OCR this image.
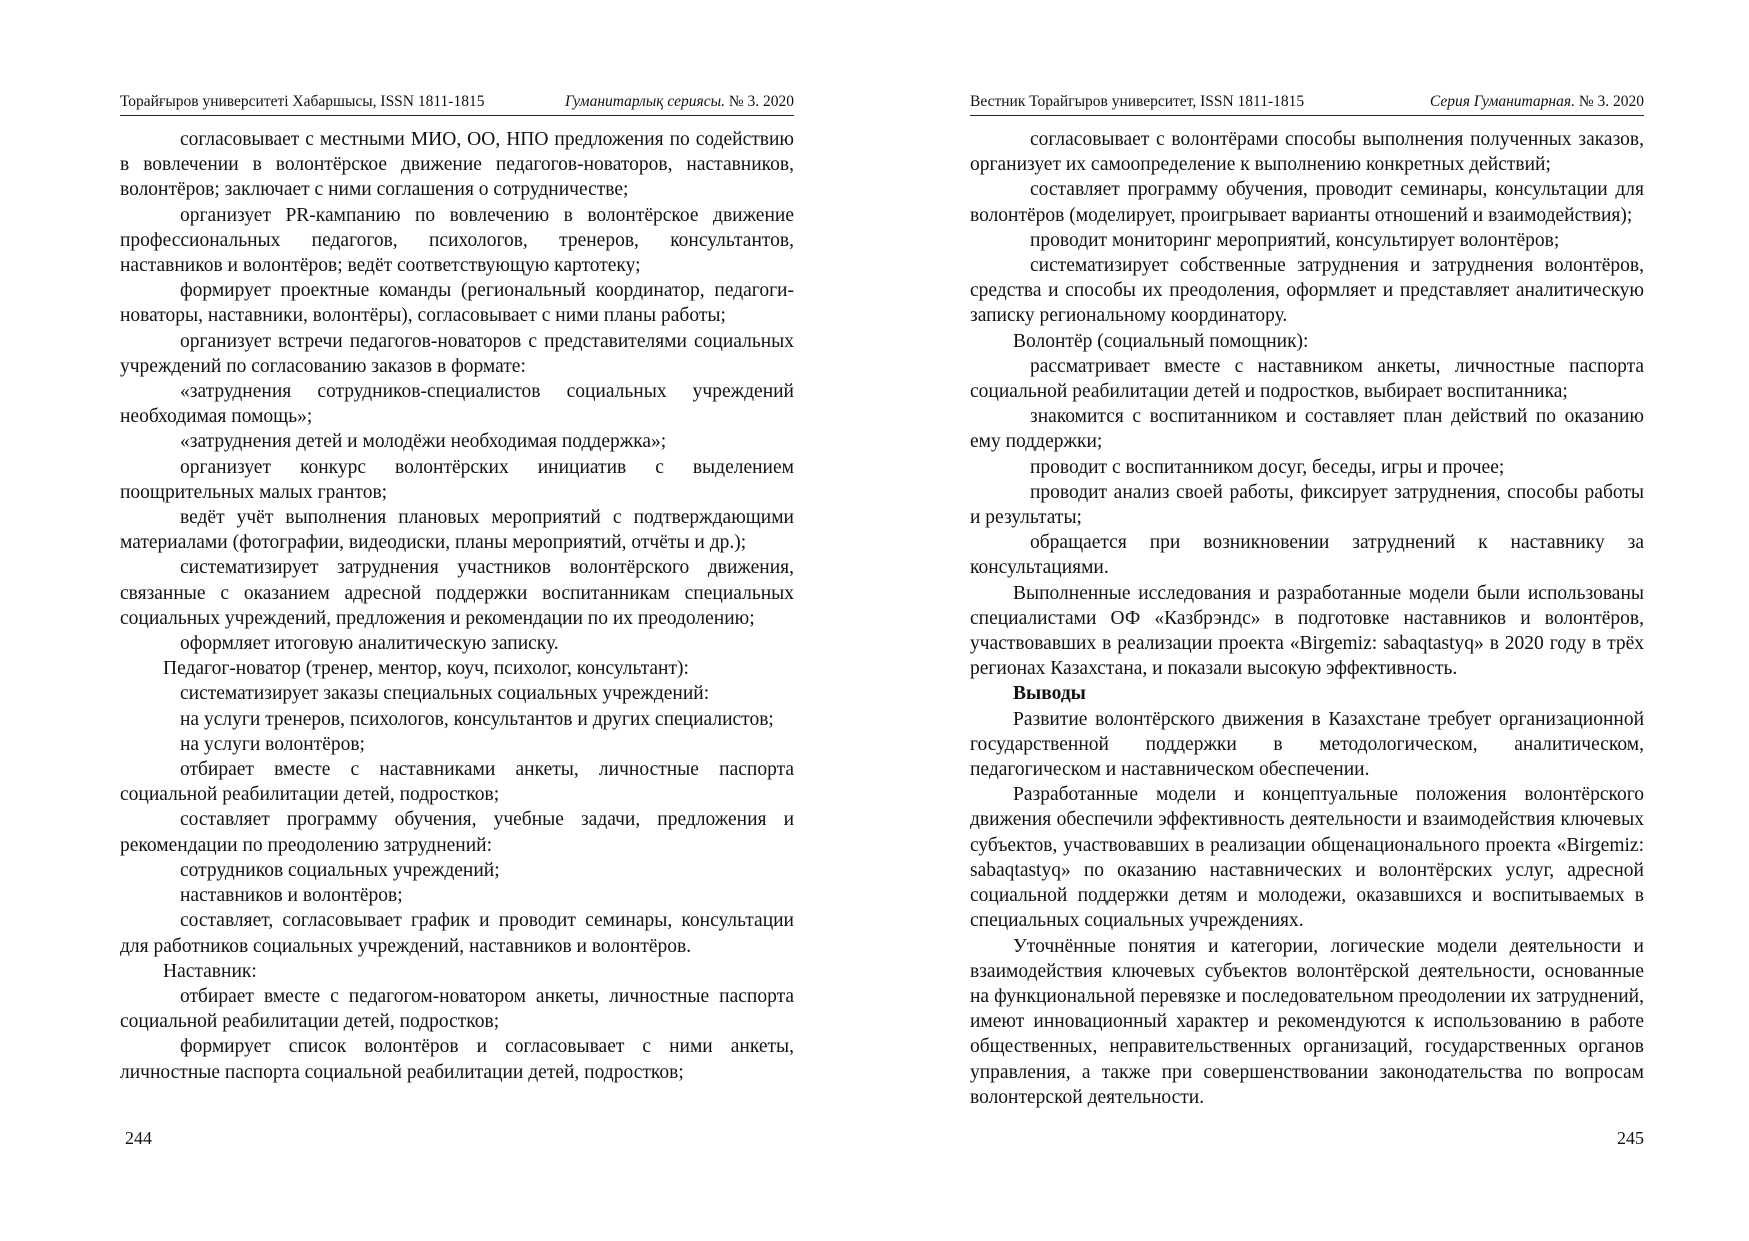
Торайғыров университеті Хабаршысы, ISSN 1811-1815	Гуманитарлық сериясы. № 3. 2020

согласовывает с местными МИО, ОО, НПО предложения по содействию в вовлечении в волонтёрское движение педагогов-новаторов, наставников, волонтёров; заключает с ними соглашения о сотрудничестве;

организует PR-кампанию по вовлечению в волонтёрское движение профессиональных педагогов, психологов, тренеров, консультантов, наставников и волонтёров; ведёт соответствующую картотеку;

формирует проектные команды (региональный координатор, педагоги-новаторы, наставники, волонтёры), согласовывает с ними планы работы;

организует встречи педагогов-новаторов с представителями социальных учреждений по согласованию заказов в формате:

«затруднения сотрудников-специалистов социальных учреждений необходимая помощь»;

«затруднения детей и молодёжи необходимая поддержка»;

организует конкурс волонтёрских инициатив с выделением поощрительных малых грантов;

ведёт учёт выполнения плановых мероприятий с подтверждающими материалами (фотографии, видеодиски, планы мероприятий, отчёты и др.);

систематизирует затруднения участников волонтёрского движения, связанные с оказанием адресной поддержки воспитанникам специальных социальных учреждений, предложения и рекомендации по их преодолению;

оформляет итоговую аналитическую записку.

Педагог-новатор (тренер, ментор, коуч, психолог, консультант):

систематизирует заказы специальных социальных учреждений:

на услуги тренеров, психологов, консультантов и других специалистов;

на услуги волонтёров;

отбирает вместе с наставниками анкеты, личностные паспорта социальной реабилитации детей, подростков;

составляет программу обучения, учебные задачи, предложения и рекомендации по преодолению затруднений:

сотрудников социальных учреждений;

наставников и волонтёров;

составляет, согласовывает график и проводит семинары, консультации для работников социальных учреждений, наставников и волонтёров.

Наставник:

отбирает вместе с педагогом-новатором анкеты, личностные паспорта социальной реабилитации детей, подростков;

формирует список волонтёров и согласовывает с ними анкеты, личностные паспорта социальной реабилитации детей, подростков;

244
Вестник Торайгыров университет, ISSN 1811-1815	Серия Гуманитарная. № 3. 2020

согласовывает с волонтёрами способы выполнения полученных заказов, организует их самоопределение к выполнению конкретных действий;

составляет программу обучения, проводит семинары, консультации для волонтёров (моделирует, проигрывает варианты отношений и взаимодействия);

проводит мониторинг мероприятий, консультирует волонтёров;

систематизирует собственные затруднения и затруднения волонтёров, средства и способы их преодоления, оформляет и представляет аналитическую записку региональному координатору.

Волонтёр (социальный помощник):

рассматривает вместе с наставником анкеты, личностные паспорта социальной реабилитации детей и подростков, выбирает воспитанника;

знакомится с воспитанником и составляет план действий по оказанию ему поддержки;

проводит с воспитанником досуг, беседы, игры и прочее;

проводит анализ своей работы, фиксирует затруднения, способы работы и результаты;

обращается при возникновении затруднений к наставнику за консультациями.

Выполненные исследования и разработанные модели были использованы специалистами ОФ «Казбрэндс» в подготовке наставников и волонтёров, участвовавших в реализации проекта «Birgemiz: sabaqtastyq» в 2020 году в трёх регионах Казахстана, и показали высокую эффективность.

Выводы

Развитие волонтёрского движения в Казахстане требует организационной государственной поддержки в методологическом, аналитическом, педагогическом и наставническом обеспечении.

Разработанные модели и концептуальные положения волонтёрского движения обеспечили эффективность деятельности и взаимодействия ключевых субъектов, участвовавших в реализации общенационального проекта «Birgemiz: sabaqtastyq» по оказанию наставнических и волонтёрских услуг, адресной социальной поддержки детям и молодежи, оказавшихся и воспитываемых в специальных социальных учреждениях.

Уточнённые понятия и категории, логические модели деятельности и взаимодействия ключевых субъектов волонтёрской деятельности, основанные на функциональной перевязке и последовательном преодолении их затруднений, имеют инновационный характер и рекомендуются к использованию в работе общественных, неправительственных организаций, государственных органов управления, а также при совершенствовании законодательства по вопросам волонтерской деятельности.

245
